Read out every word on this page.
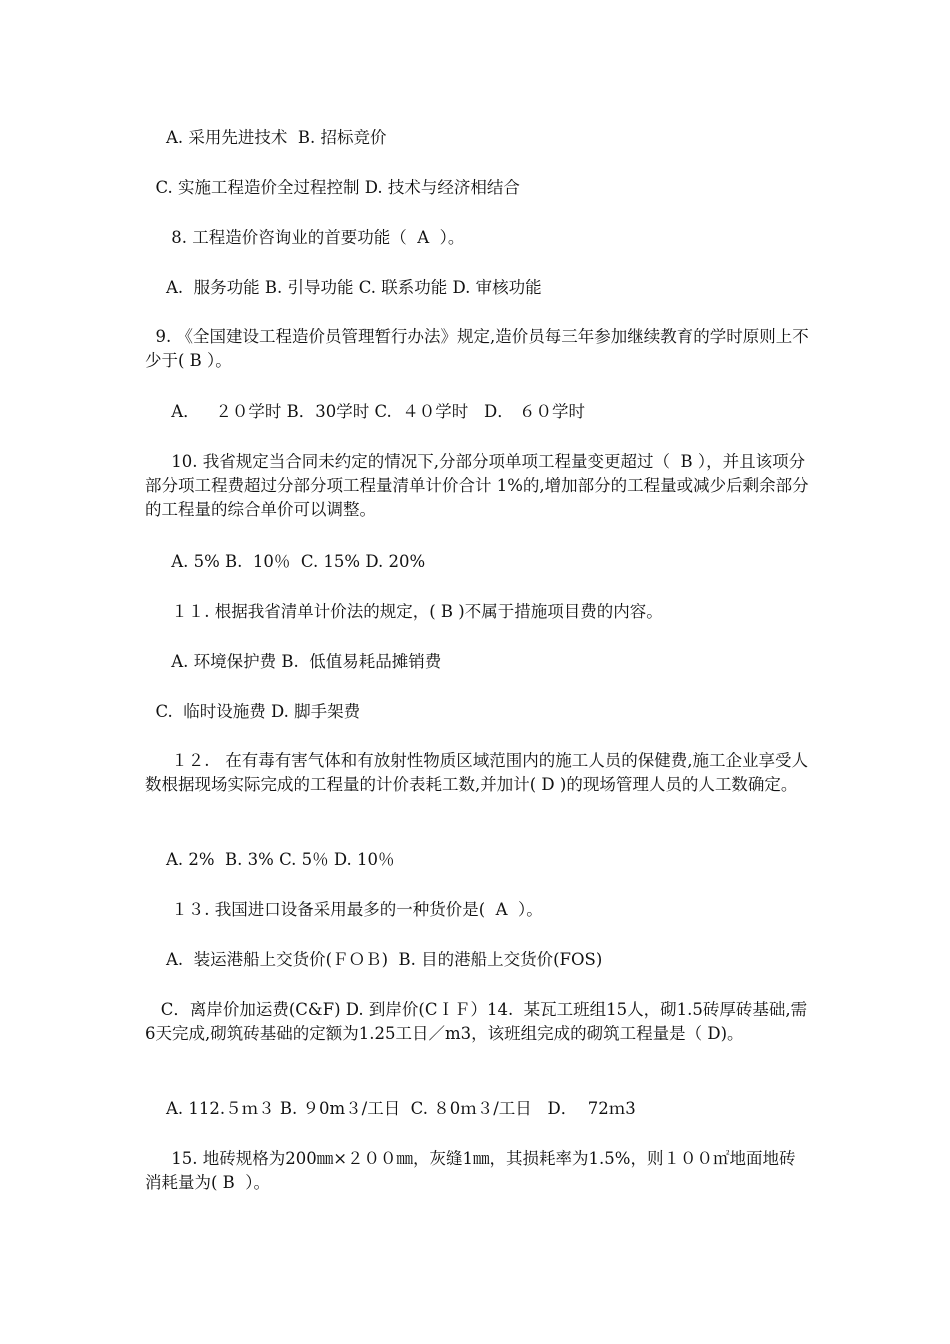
A. 采用先进技术  B. 招标竞价

C. 实施工程造价全过程控制 D. 技术与经济相结合

8. 工程造价咨询业的首要功能（  A  ）。

A.  服务功能 B. 引导功能 C. 联系功能 D. 审核功能

9. 《全国建设工程造价员管理暂行办法》规定,造价员每三年参加继续教育的学时原则上不少于( B ）。

A．   ２０学时 B．30学时 C.  ４０学时   D． ６０学时

10. 我省规定当合同未约定的情况下,分部分项单项工程量变更超过（  B ），并且该项分部分项工程费超过分部分项工程量清单计价合计 1%的,增加部分的工程量或减少后剩余部分的工程量的综合单价可以调整。

A. 5% B.  10％  C. 15% D. 20%

１１. 根据我省清单计价法的规定，( B )不属于措施项目费的内容。

A. 环境保护费 B.  低值易耗品摊销费

C.  临时设施费 D. 脚手架费

１２.   在有毒有害气体和有放射性物质区域范围内的施工人员的保健费,施工企业享受人数根据现场实际完成的工程量的计价表耗工数,并加计( D )的现场管理人员的人工数确定。

A. 2%  B. 3% C. 5％ D. 10％

１３. 我国进口设备采用最多的一种货价是(  A  ）。

A.  装运港船上交货价(ＦＯＢ)  B. 目的港船上交货价(FOS)

C．离岸价加运费(C&F) D. 到岸价(CＩＦ）14.  某瓦工班组15人，砌1.5砖厚砖基础,需6天完成,砌筑砖基础的定额为1.25工日／m3，该班组完成的砌筑工程量是（ D)。

A. 112.５ｍ３ B. ９0m３/工日  C. ８0ｍ３/工日   D．  72ｍ3

15. 地砖规格为200㎜×２００㎜，灰缝1㎜，其损耗率为1.5%，则１００㎡地面地砖消耗量为( B  ）。
